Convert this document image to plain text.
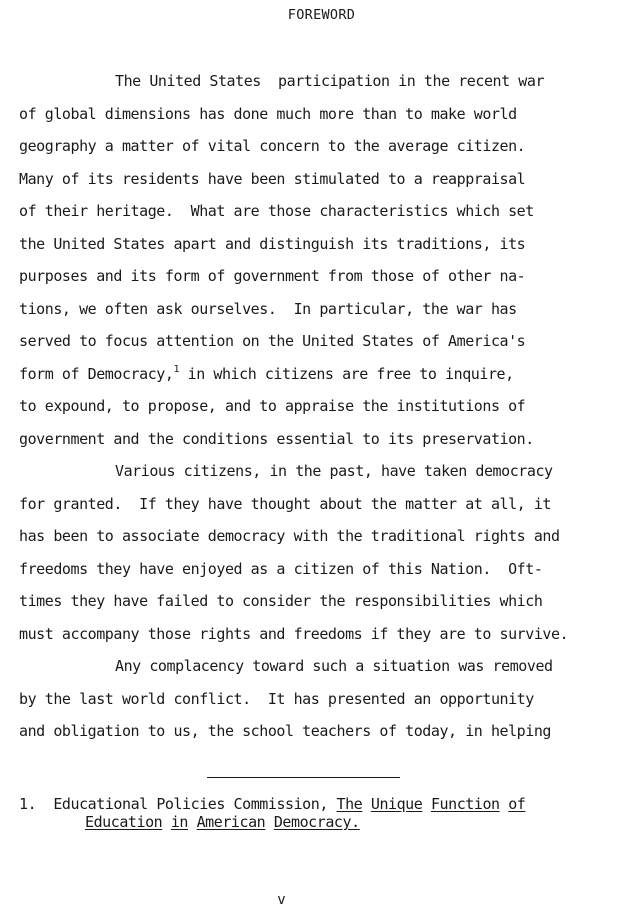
FOREWORD
The United States  participation in the recent war
of global dimensions has done much more than to make world
geography a matter of vital concern to the average citizen.
Many of its residents have been stimulated to a reappraisal
of their heritage.  What are those characteristics which set
the United States apart and distinguish its traditions, its
purposes and its form of government from those of other na-
tions, we often ask ourselves.  In particular, the war has
served to focus attention on the United States of America's
form of Democracy,$^1$ in which citizens are free to inquire,
to expound, to propose, and to appraise the institutions of
government and the conditions essential to its preservation.
Various citizens, in the past, have taken democracy
for granted.  If they have thought about the matter at all, it
has been to associate democracy with the traditional rights and
freedoms they have enjoyed as a citizen of this Nation.  Oft-
times they have failed to consider the responsibilities which
must accompany those rights and freedoms if they are to survive.
Any complacency toward such a situation was removed
by the last world conflict.  It has presented an opportunity
and obligation to us, the school teachers of today, in helping
1. Educational Policies Commission, The Unique Function of
Education in American Democracy.
v
